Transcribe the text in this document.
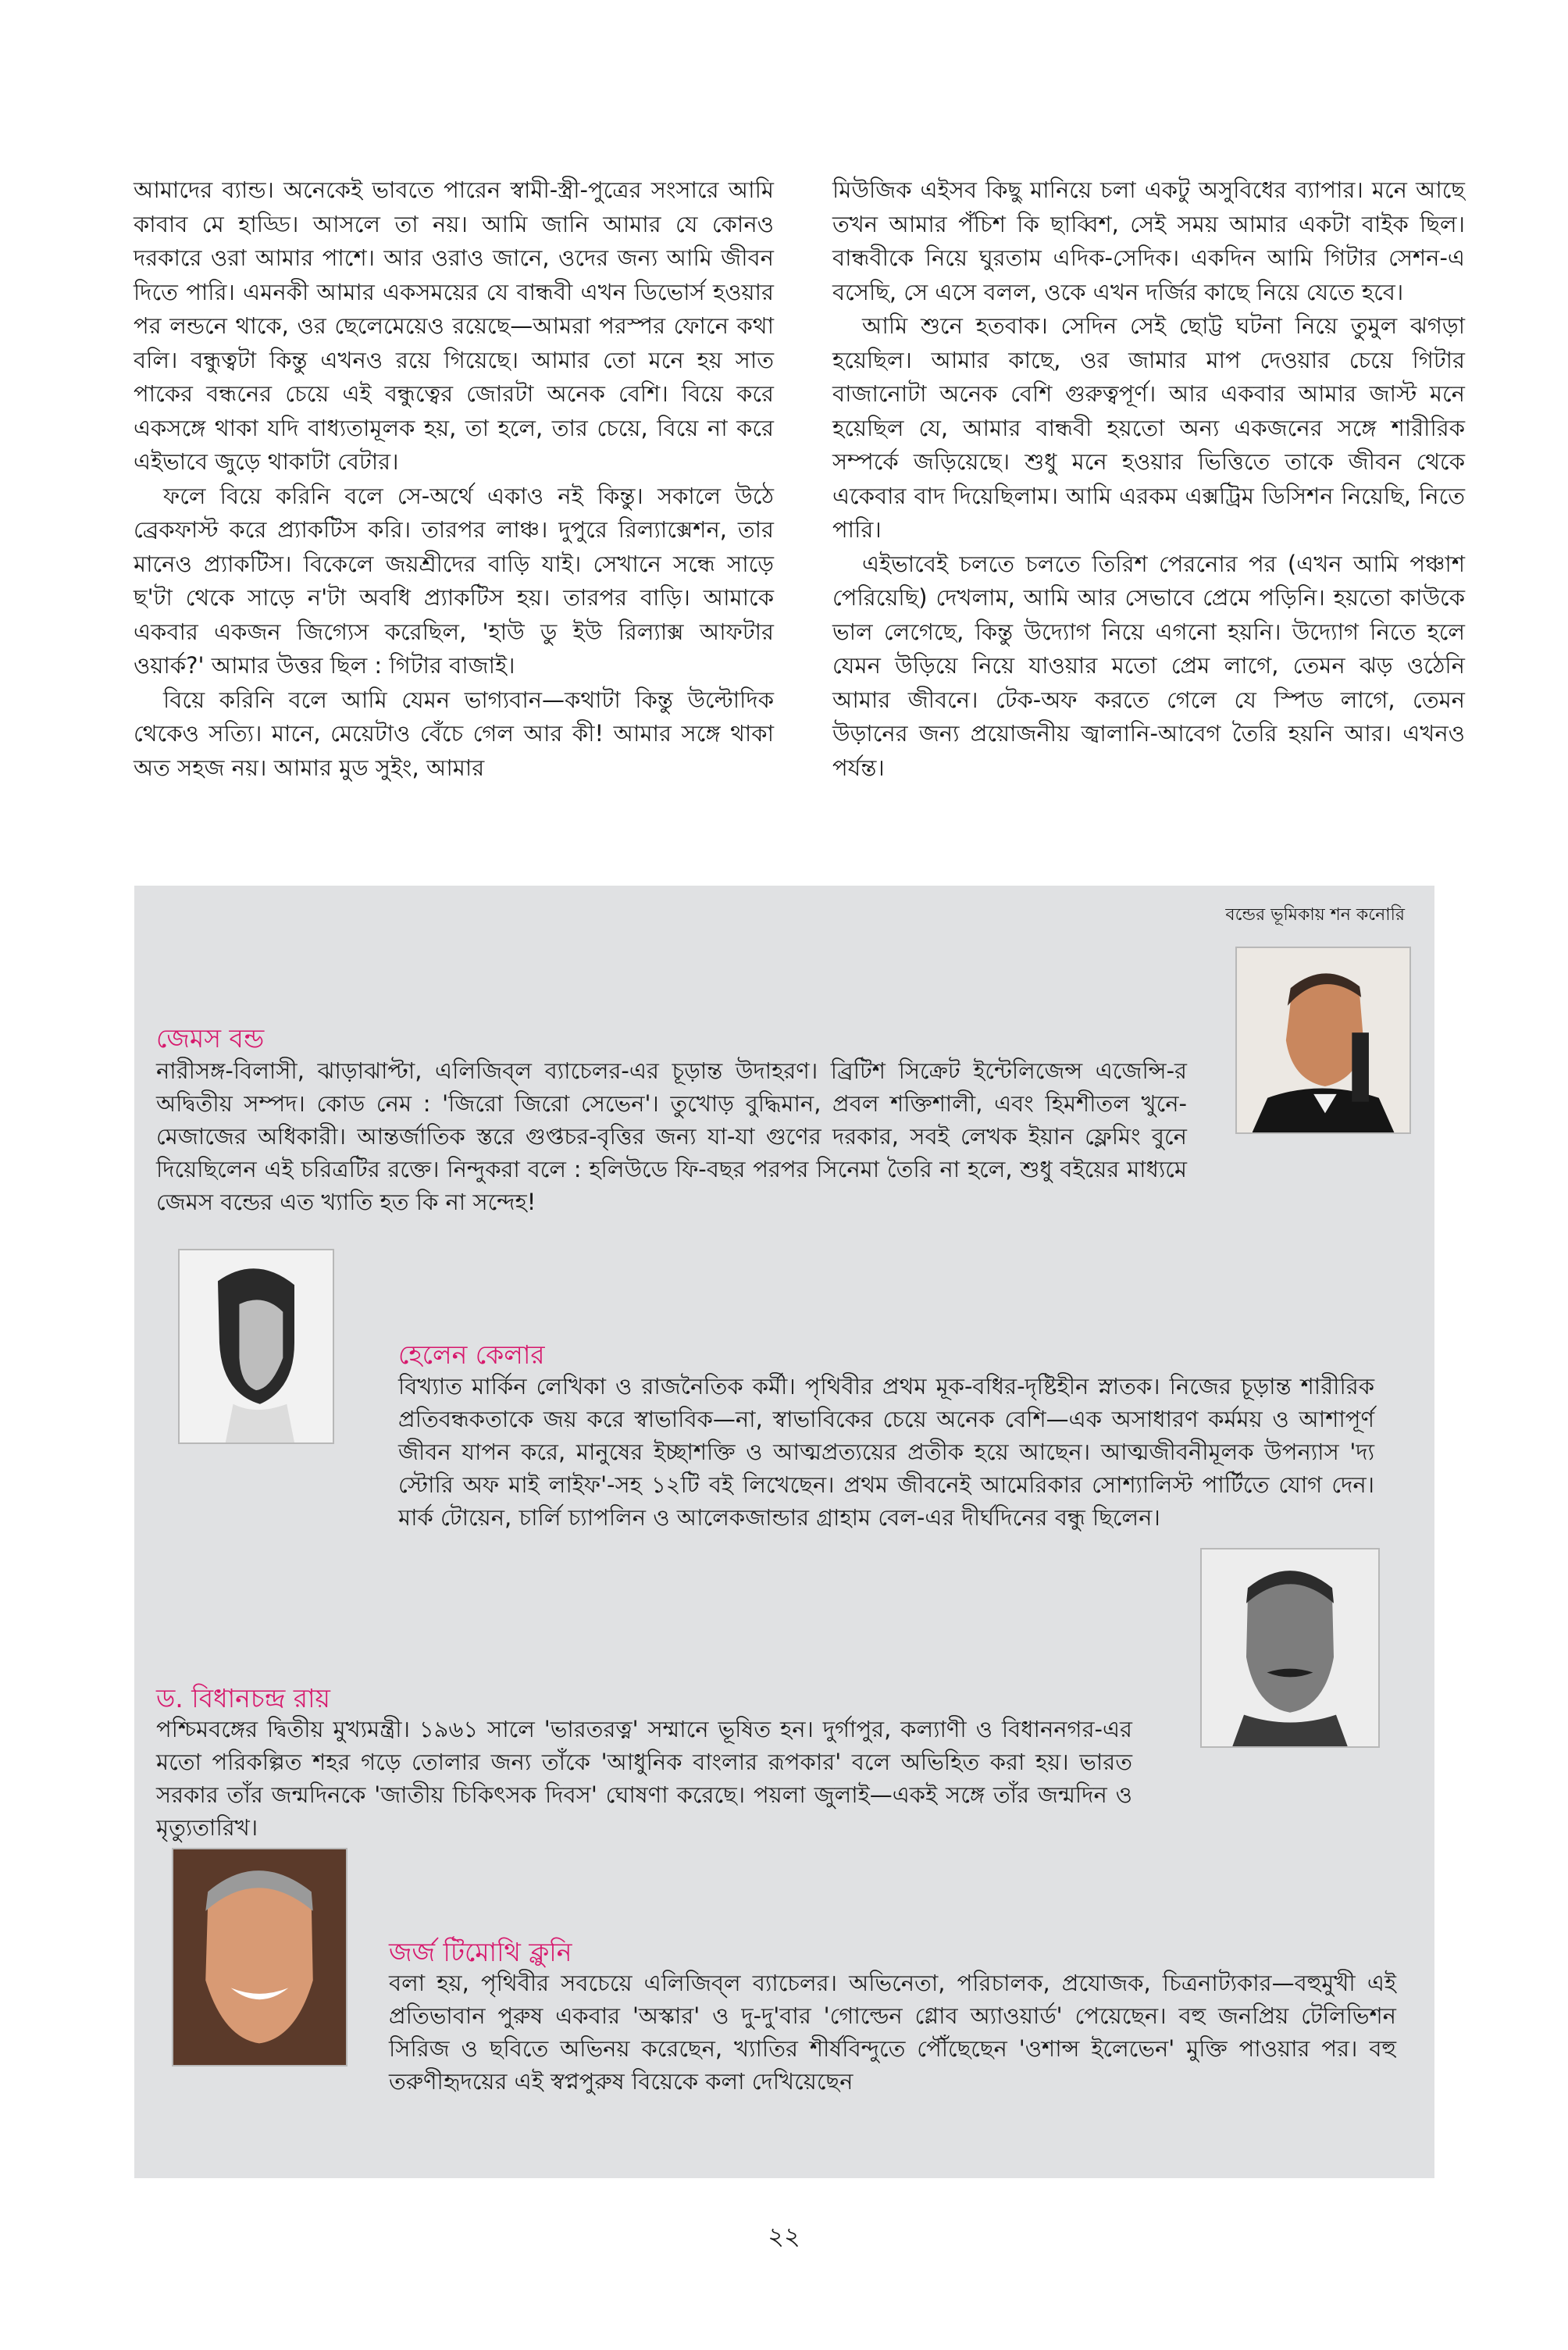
আমাদের ব্যান্ড। অনেকেই ভাবতে পারেন স্বামী-স্ত্রী-পুত্রের সংসারে আমি কাবাব মে হাড্ডি। আসলে তা নয়। আমি জানি আমার যে কোনও দরকারে ওরা আমার পাশে। আর ওরাও জানে, ওদের জন্য আমি জীবন দিতে পারি। এমনকী আমার একসময়ের যে বান্ধবী এখন ডিভোর্স হওয়ার পর লন্ডনে থাকে, ওর ছেলেমেয়েও রয়েছে—আমরা পরস্পর ফোনে কথা বলি। বন্ধুত্বটা কিন্তু এখনও রয়ে গিয়েছে। আমার তো মনে হয় সাত পাকের বন্ধনের চেয়ে এই বন্ধুত্বের জোরটা অনেক বেশি। বিয়ে করে একসঙ্গে থাকা যদি বাধ্যতামূলক হয়, তা হলে, তার চেয়ে, বিয়ে না করে এইভাবে জুড়ে থাকাটা বেটার।

ফলে বিয়ে করিনি বলে সে-অর্থে একাও নই কিন্তু। সকালে উঠে ব্রেকফাস্ট করে প্র্যাকটিস করি। তারপর লাঞ্চ। দুপুরে রিল্যাক্সেশন, তার মানেও প্র্যাকটিস। বিকেলে জয়শ্রীদের বাড়ি যাই। সেখানে সন্ধে সাড়ে ছ'টা থেকে সাড়ে ন'টা অবধি প্র্যাকটিস হয়। তারপর বাড়ি। আমাকে একবার একজন জিগ্যেস করেছিল, 'হাউ ডু ইউ রিল্যাক্স আফটার ওয়ার্ক?' আমার উত্তর ছিল : গিটার বাজাই।

বিয়ে করিনি বলে আমি যেমন ভাগ্যবান—কথাটা কিন্তু উল্টোদিক থেকেও সত্যি। মানে, মেয়েটাও বেঁচে গেল আর কী! আমার সঙ্গে থাকা অত সহজ নয়। আমার মুড সুইং, আমার

মিউজিক এইসব কিছু মানিয়ে চলা একটু অসুবিধের ব্যাপার। মনে আছে তখন আমার পঁচিশ কি ছাব্বিশ, সেই সময় আমার একটা বাইক ছিল। বান্ধবীকে নিয়ে ঘুরতাম এদিক-সেদিক। একদিন আমি গিটার সেশন-এ বসেছি, সে এসে বলল, ওকে এখন দর্জির কাছে নিয়ে যেতে হবে।

আমি শুনে হতবাক। সেদিন সেই ছোট্ট ঘটনা নিয়ে তুমুল ঝগড়া হয়েছিল। আমার কাছে, ওর জামার মাপ দেওয়ার চেয়ে গিটার বাজানোটা অনেক বেশি গুরুত্বপূর্ণ। আর একবার আমার জাস্ট মনে হয়েছিল যে, আমার বান্ধবী হয়তো অন্য একজনের সঙ্গে শারীরিক সম্পর্কে জড়িয়েছে। শুধু মনে হওয়ার ভিত্তিতে তাকে জীবন থেকে একেবার বাদ দিয়েছিলাম। আমি এরকম এক্সট্রিম ডিসিশন নিয়েছি, নিতে পারি।

এইভাবেই চলতে চলতে তিরিশ পেরনোর পর (এখন আমি পঞ্চাশ পেরিয়েছি) দেখলাম, আমি আর সেভাবে প্রেমে পড়িনি। হয়তো কাউকে ভাল লেগেছে, কিন্তু উদ্যোগ নিয়ে এগনো হয়নি। উদ্যোগ নিতে হলে যেমন উড়িয়ে নিয়ে যাওয়ার মতো প্রেম লাগে, তেমন ঝড় ওঠেনি আমার জীবনে। টেক-অফ করতে গেলে যে স্পিড লাগে, তেমন উড়ানের জন্য প্রয়োজনীয় জ্বালানি-আবেগ তৈরি হয়নি আর। এখনও পর্যন্ত।

বন্ডের ভূমিকায় শন কনোরি
জেমস বন্ড

নারীসঙ্গ-বিলাসী, ঝাড়াঝাপ্টা, এলিজিব্‌ল ব্যাচেলর-এর চূড়ান্ত উদাহরণ। ব্রিটিশ সিক্রেট ইন্টেলিজেন্স এজেন্সি-র অদ্বিতীয় সম্পদ। কোড নেম : 'জিরো জিরো সেভেন'। তুখোড় বুদ্ধিমান, প্রবল শক্তিশালী, এবং হিমশীতল খুনে-মেজাজের অধিকারী। আন্তর্জাতিক স্তরে গুপ্তচর-বৃত্তির জন্য যা-যা গুণের দরকার, সবই লেখক ইয়ান ফ্লেমিং বুনে দিয়েছিলেন এই চরিত্রটির রক্তে। নিন্দুকরা বলে : হলিউডে ফি-বছর পরপর সিনেমা তৈরি না হলে, শুধু বইয়ের মাধ্যমে জেমস বন্ডের এত খ্যাতি হত কি না সন্দেহ!

হেলেন কেলার

বিখ্যাত মার্কিন লেখিকা ও রাজনৈতিক কর্মী। পৃথিবীর প্রথম মূক-বধির-দৃষ্টিহীন স্নাতক। নিজের চূড়ান্ত শারীরিক প্রতিবন্ধকতাকে জয় করে স্বাভাবিক—না, স্বাভাবিকের চেয়ে অনেক বেশি—এক অসাধারণ কর্মময় ও আশাপূর্ণ জীবন যাপন করে, মানুষের ইচ্ছাশক্তি ও আত্মপ্রত্যয়ের প্রতীক হয়ে আছেন। আত্মজীবনীমূলক উপন্যাস 'দ্য স্টোরি অফ মাই লাইফ'-সহ ১২টি বই লিখেছেন। প্রথম জীবনেই আমেরিকার সোশ্যালিস্ট পার্টিতে যোগ দেন। মার্ক টোয়েন, চার্লি চ্যাপলিন ও আলেকজান্ডার গ্রাহাম বেল-এর দীর্ঘদিনের বন্ধু ছিলেন।

ড. বিধানচন্দ্র রায়

পশ্চিমবঙ্গের দ্বিতীয় মুখ্যমন্ত্রী। ১৯৬১ সালে 'ভারতরত্ন' সম্মানে ভূষিত হন। দুর্গাপুর, কল্যাণী ও বিধাননগর-এর মতো পরিকল্পিত শহর গড়ে তোলার জন্য তাঁকে 'আধুনিক বাংলার রূপকার' বলে অভিহিত করা হয়। ভারত সরকার তাঁর জন্মদিনকে 'জাতীয় চিকিৎসক দিবস' ঘোষণা করেছে। পয়লা জুলাই—একই সঙ্গে তাঁর জন্মদিন ও মৃত্যুতারিখ।

জর্জ টিমোথি ক্লুনি

বলা হয়, পৃথিবীর সবচেয়ে এলিজিব্‌ল ব্যাচেলর। অভিনেতা, পরিচালক, প্রযোজক, চিত্রনাট্যকার—বহুমুখী এই প্রতিভাবান পুরুষ একবার 'অস্কার' ও দু-দু'বার 'গোল্ডেন গ্লোব অ্যাওয়ার্ড' পেয়েছেন। বহু জনপ্রিয় টেলিভিশন সিরিজ ও ছবিতে অভিনয় করেছেন, খ্যাতির শীর্ষবিন্দুতে পৌঁছেছেন 'ওশান্স ইলেভেন' মুক্তি পাওয়ার পর। বহু তরুণীহৃদয়ের এই স্বপ্নপুরুষ বিয়েকে কলা দেখিয়েছেন

২২
